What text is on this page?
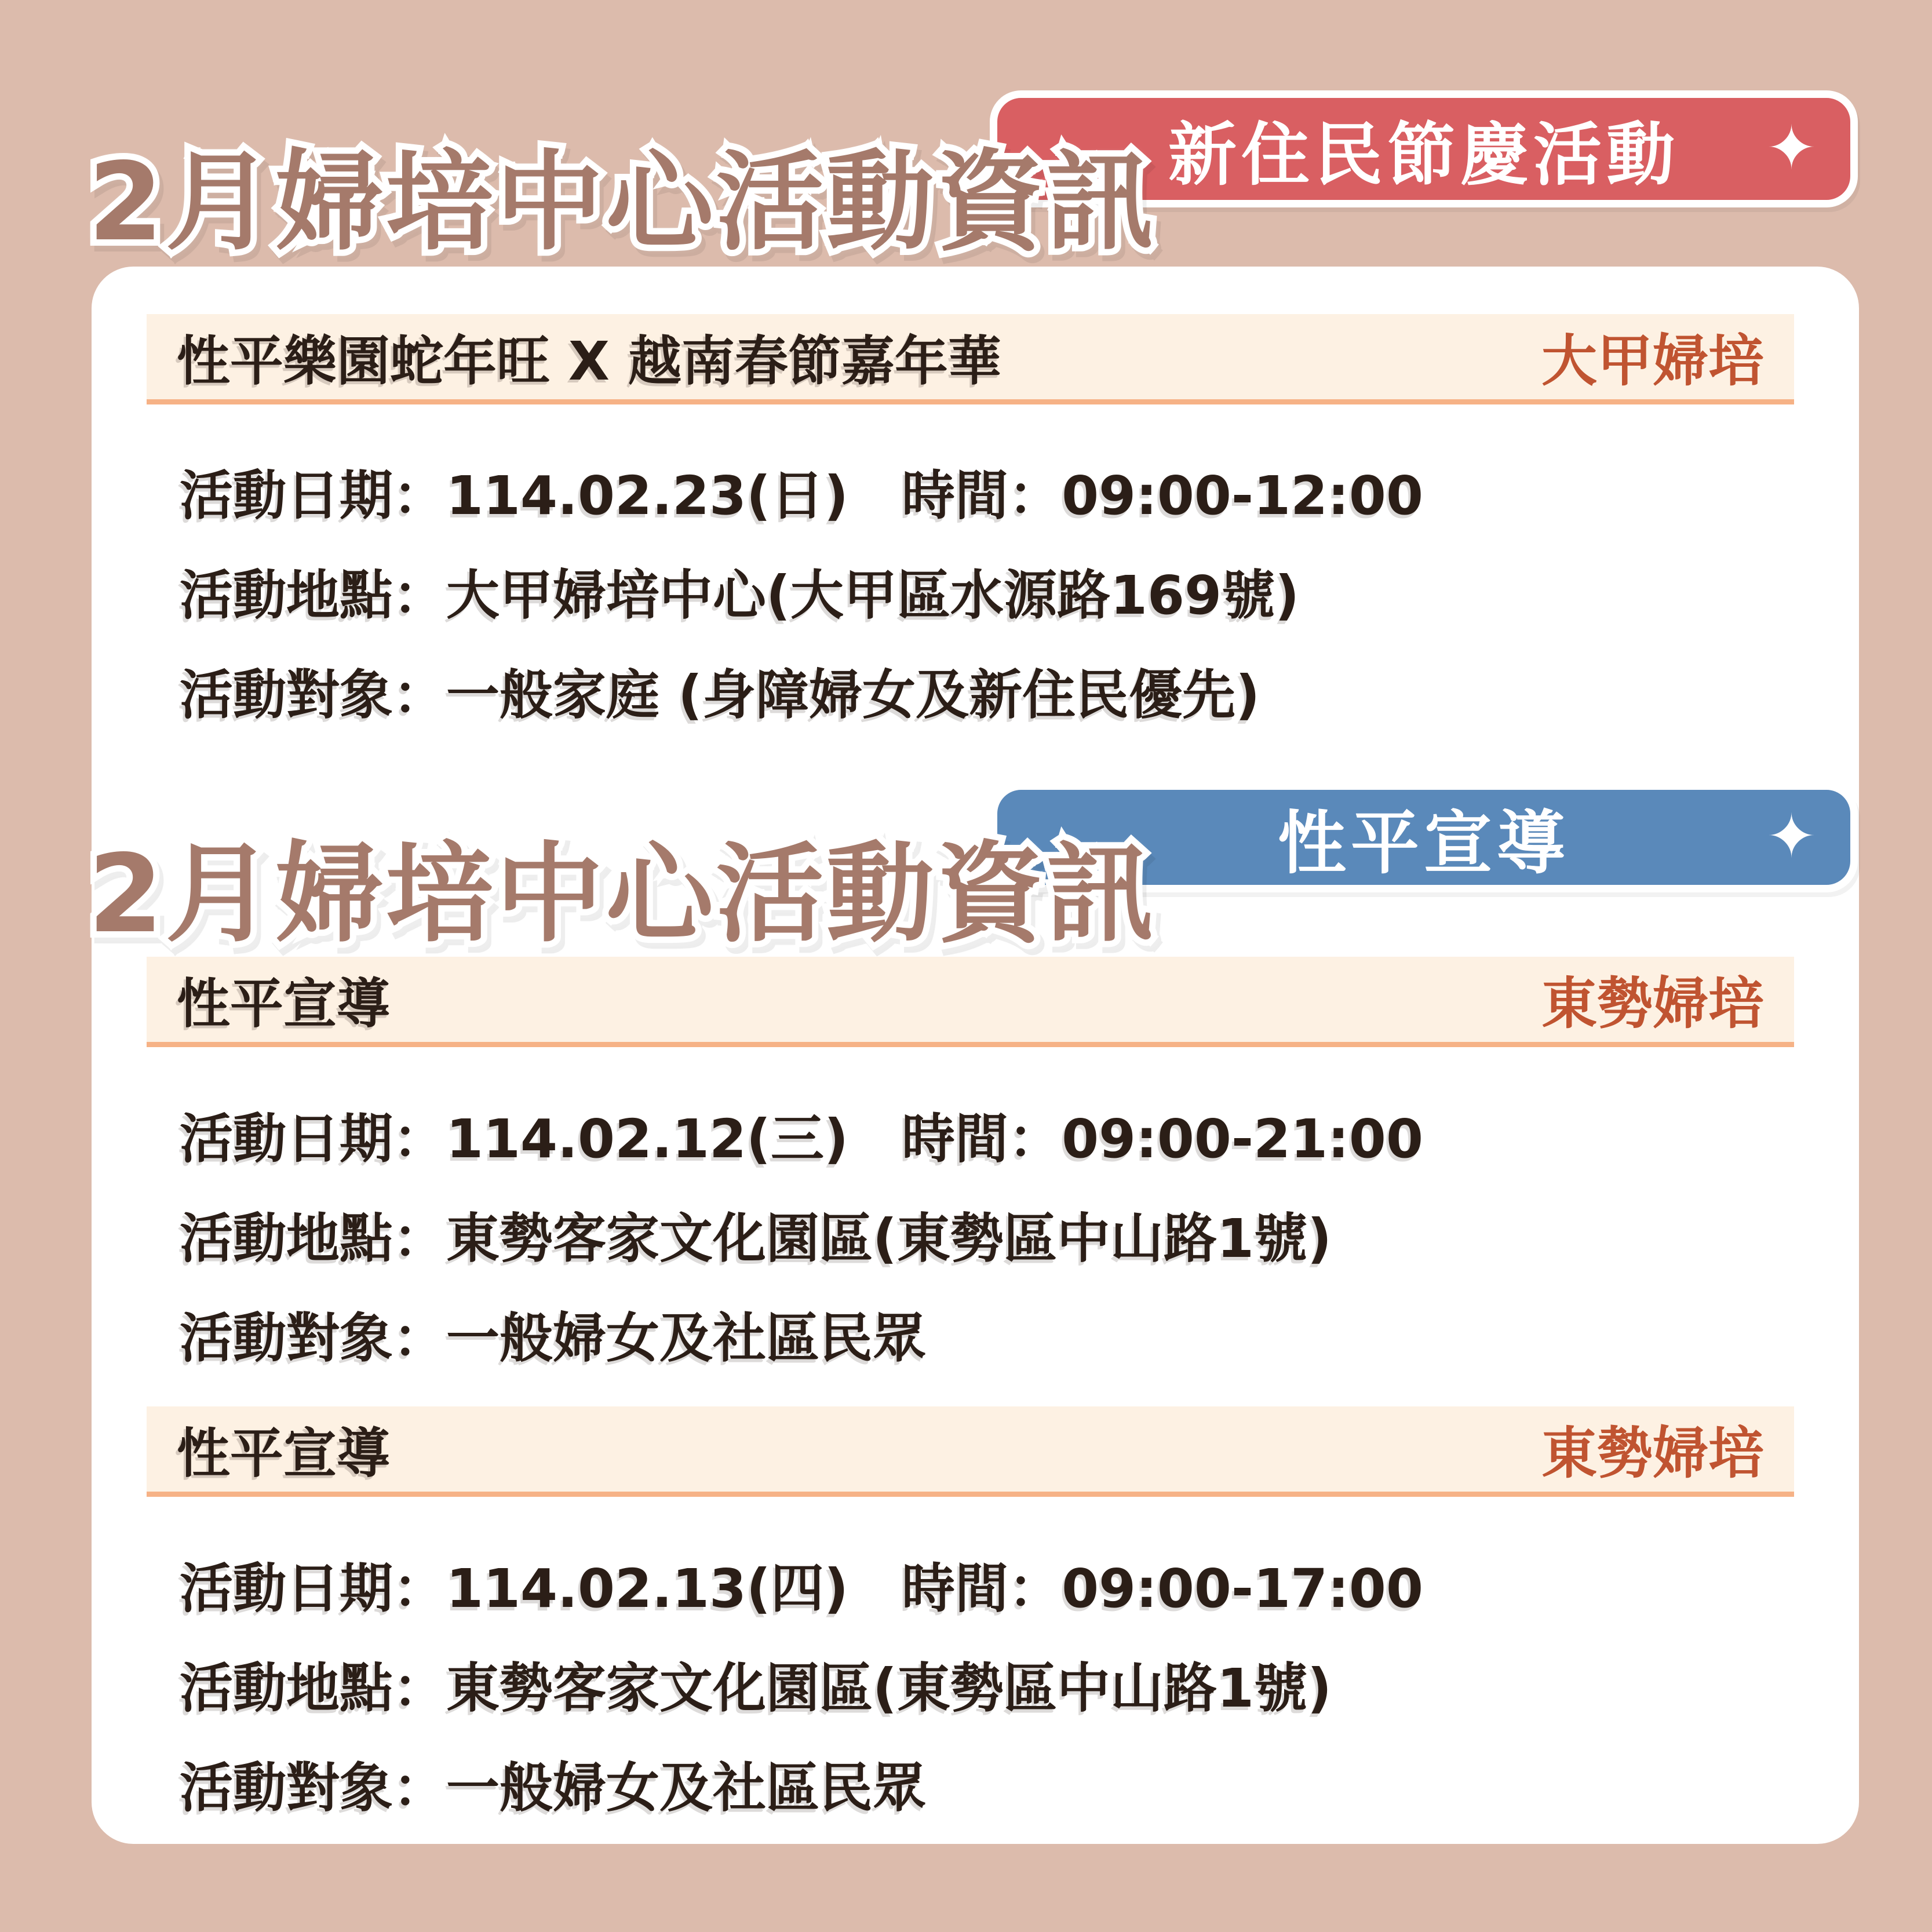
性平樂園蛇年旺 X 越南春節嘉年華	大甲婦培

活動日期：114.02.23(日)　時間：09:00-12:00

活動地點：大甲婦培中心(大甲區水源路169號)

活動對象：一般家庭 (身障婦女及新住民優先)

性平宣導	東勢婦培

活動日期：114.02.12(三)　時間：09:00-21:00

活動地點：東勢客家文化園區(東勢區中山路1號)

活動對象：一般婦女及社區民眾

性平宣導	東勢婦培

活動日期：114.02.13(四)　時間：09:00-17:00

活動地點：東勢客家文化園區(東勢區中山路1號)

活動對象：一般婦女及社區民眾

新住民節慶活動 ✦
2月婦培中心活動資訊
性平宣導	✦
2月婦培中心活動資訊
